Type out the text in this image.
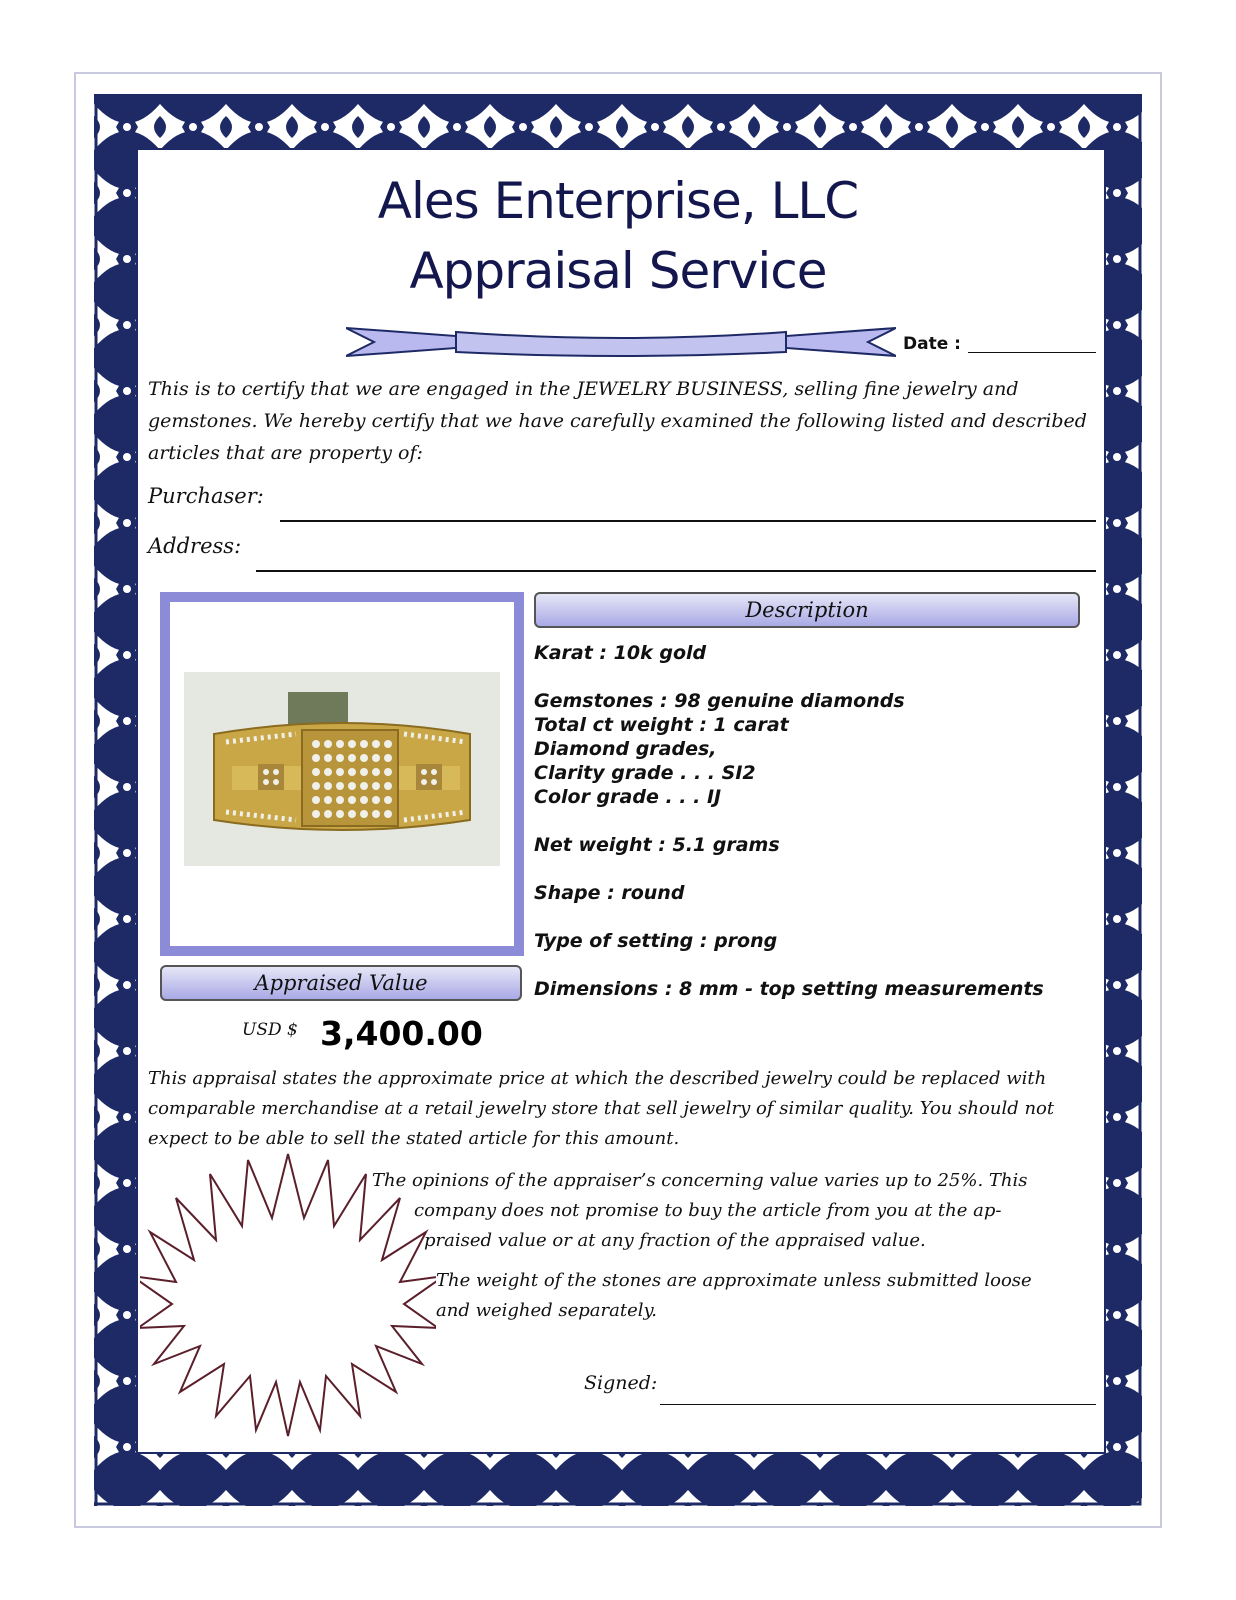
Ales Enterprise, LLC
Appraisal Service
Date :
This is to certify that we are engaged in the JEWELRY BUSINESS, selling fine jewelry and gemstones. We hereby certify that we have carefully examined the following listed and described articles that are property of:
Purchaser:
Address:
Description
Karat : 10k gold
Gemstones : 98 genuine diamonds
Total ct weight : 1 carat
Diamond grades,
Clarity grade . . . SI2
Color grade . . . IJ
Net weight : 5.1 grams
Shape : round
Type of setting : prong
Dimensions : 8 mm - top setting measurements
Appraised Value
USD $ 3,400.00
This appraisal states the approximate price at which the described jewelry could be replaced with comparable merchandise at a retail jewelry store that sell jewelry of similar quality. You should not expect to be able to sell the stated article for this amount.
The opinions of the appraiser’s concerning value varies up to 25%. This
company does not promise to buy the article from you at the ap-
praised value or at any fraction of the appraised value.
The weight of the stones are approximate unless submitted loose
and weighed separately.
Signed:
